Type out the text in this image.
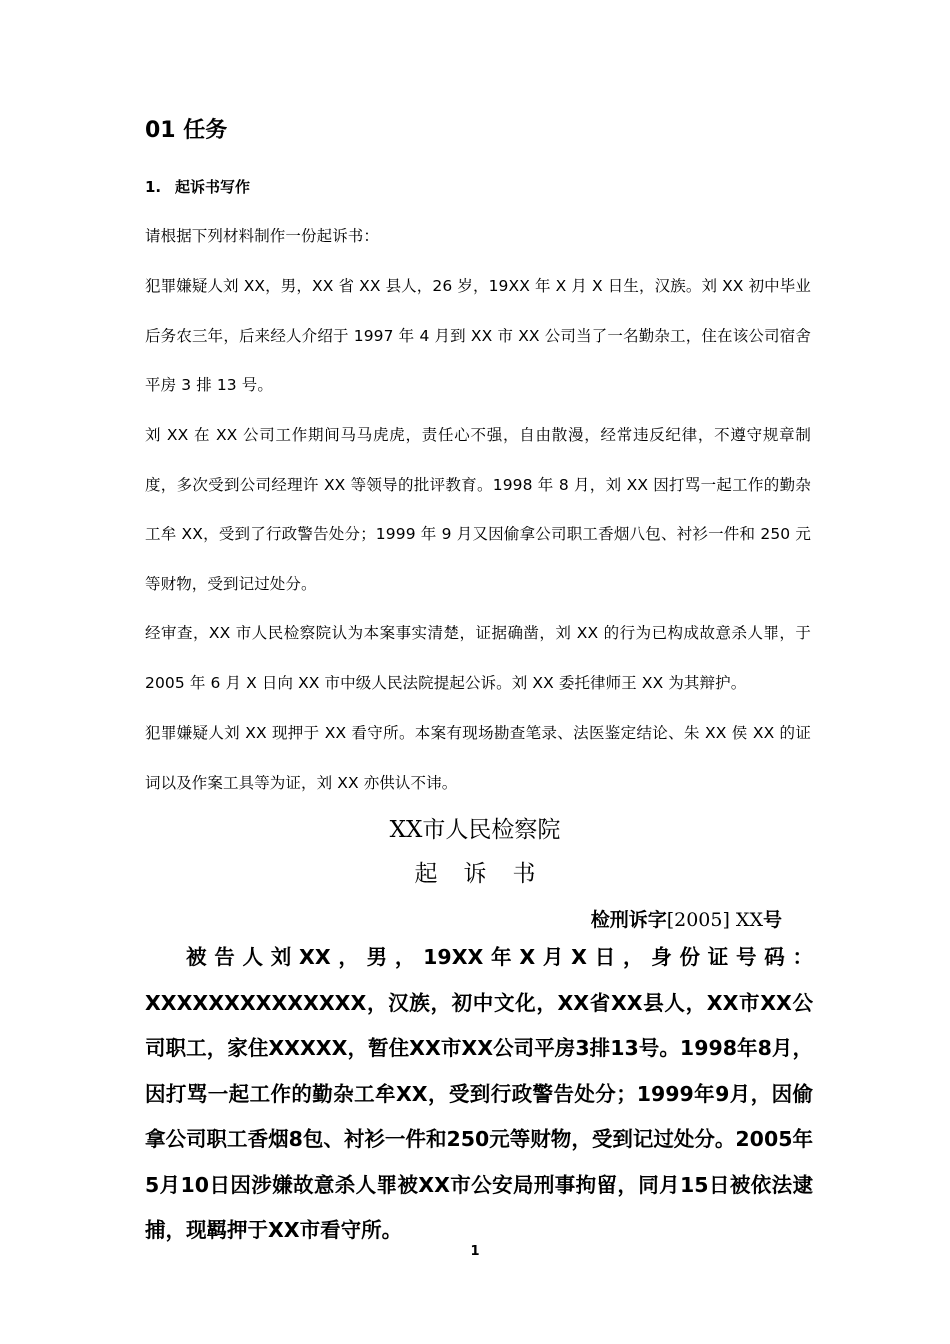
01 任务
1. 起诉书写作
请根据下列材料制作一份起诉书：
犯罪嫌疑人刘 XX，男，XX 省 XX 县人，26 岁，19XX 年 X 月 X 日生，汉族。刘 XX 初中毕业后务农三年，后来经人介绍于 1997 年 4 月到 XX 市 XX 公司当了一名勤杂工，住在该公司宿舍平房 3 排 13 号。
刘 XX 在 XX 公司工作期间马马虎虎，责任心不强，自由散漫，经常违反纪律，不遵守规章制度，多次受到公司经理许 XX 等领导的批评教育。1998 年 8 月，刘 XX 因打骂一起工作的勤杂工牟 XX，受到了行政警告处分；1999 年 9 月又因偷拿公司职工香烟八包、衬衫一件和 250 元等财物，受到记过处分。
经审查，XX 市人民检察院认为本案事实清楚，证据确凿，刘 XX 的行为已构成故意杀人罪，于 2005 年 6 月 X 日向 XX 市中级人民法院提起公诉。刘 XX 委托律师王 XX 为其辩护。
犯罪嫌疑人刘 XX 现押于 XX 看守所。本案有现场勘查笔录、法医鉴定结论、朱 XX 侯 XX 的证词以及作案工具等为证，刘 XX 亦供认不讳。
XX市人民检察院
起诉书
检刑诉字[2005] XX号
被告人刘XX，男，19XX年X月X日，身份证号码：XXXXXXXXXXXXXX，汉族，初中文化，XX省XX县人，XX市XX公司职工，家住XXXXX，暂住XX市XX公司平房3排13号。1998年8月，因打骂一起工作的勤杂工牟XX，受到行政警告处分；1999年9月，因偷拿公司职工香烟8包、衬衫一件和250元等财物，受到记过处分。2005年5月10日因涉嫌故意杀人罪被XX市公安局刑事拘留，同月15日被依法逮捕，现羁押于XX市看守所。
1
